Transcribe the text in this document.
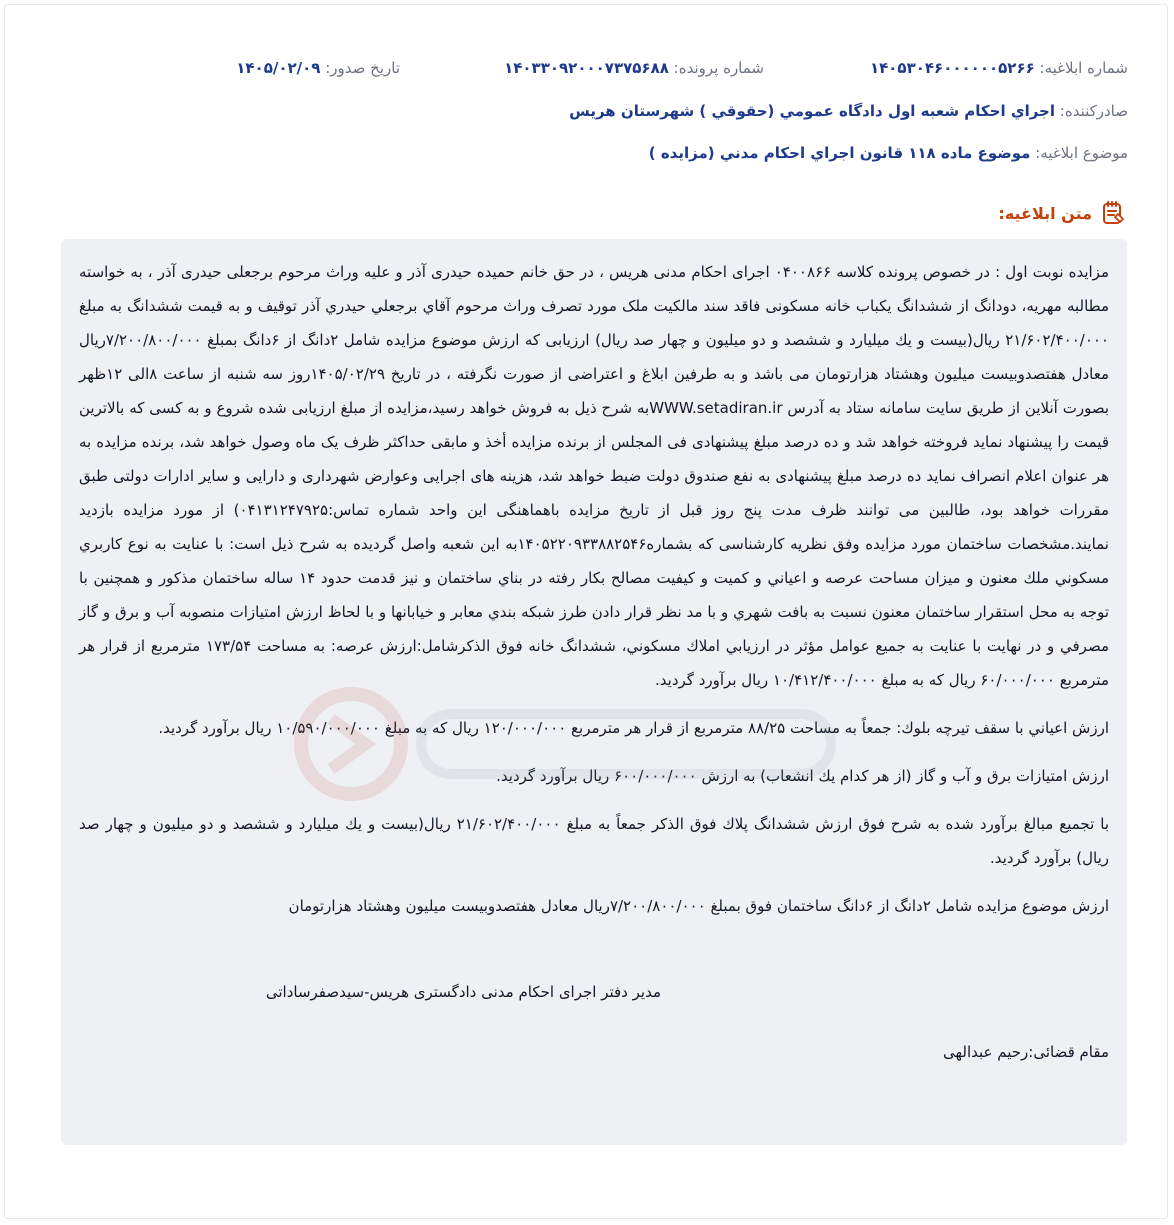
شماره ابلاغیه: ۱۴۰۵۳۰۴۶۰۰۰۰۰۰۵۲۶۶
شماره پرونده: ۱۴۰۳۳۰۹۲۰۰۰۷۳۷۵۶۸۸
تاریخ صدور: ۱۴۰۵/۰۲/۰۹
صادرکننده: اجراي احكام شعبه اول دادگاه عمومي (حقوقي ) شهرستان هريس
موضوع ابلاغیه: موضوع ماده ۱۱۸ قانون اجراي احكام مدني (مزايده )
متن ابلاغیه:

مزایده نوبت اول : در خصوص پرونده کلاسه ۰۴۰۰۸۶۶ اجرای احکام مدنی هریس ، در حق خانم حمیده حیدری آذر و علیه وراث مرحوم برجعلی حیدری آذر ، به خواسته مطالبه مهریه، دودانگ از ششدانگ یکباب خانه مسکونی فاقد سند مالکیت ملک مورد تصرف وراث مرحوم آقاي برجعلي حيدري آذر توقيف و به قيمت ششدانگ به مبلغ ۲۱/۶۰۲/۴۰۰/۰۰۰ ريال(بيست و يك ميليارد و ششصد و دو ميليون و چهار صد ريال) ارزيابی که ارزش موضوع مزایده شامل ۲دانگ از ۶دانگ بمبلغ ۷/۲۰۰/۸۰۰/۰۰۰ريال معادل هفتصدوبیست میلیون وهشتاد هزارتومان می باشد و به طرفین ابلاغ و اعتراضی از صورت نگرفته ، در تاریخ ۱۴۰۵/۰۲/۲۹روز سه شنبه از ساعت ۸الی ۱۲ظهر بصورت آنلاین از طریق سایت سامانه ستاد به آدرس WWW.setadiran.irبه شرح ذیل به فروش خواهد رسید،مزایده از مبلغ ارزیابی شده شروع و به کسی که بالاترین قیمت را پیشنهاد نماید فروخته خواهد شد و ده درصد مبلغ پیشنهادی فی المجلس از برنده مزایده أخذ و مابقی حداکثر ظرف یک ماه وصول خواهد شد، برنده مزایده به هر عنوان اعلام انصراف نماید ده درصد مبلغ پیشنهادی به نفع صندوق دولت ضبط خواهد شد، هزینه های اجرایی وعوارض شهرداری و دارایی و سایر ادارات دولتی طبق مقررات خواهد بود، طالبین می توانند ظرف مدت پنج روز قبل از تاریخ مزایده باهماهنگی این واحد شماره تماس:۰۴۱۳۱۲۴۷۹۲۵) از مورد مزایده بازدید نمایند.مشخصات ساختمان مورد مزایده وفق نظریه کارشناسی که بشماره۱۴۰۵۲۲۰۹۳۳۸۸۲۵۴۶به این شعبه واصل گردیده به شرح ذیل است: با عنايت به نوع كاربري مسكوني ملك معنون و ميزان مساحت عرصه و اعياني و كميت و كيفيت مصالح بكار رفته در بناي ساختمان و نيز قدمت حدود ۱۴ ساله ساختمان مذكور و همچنين با توجه به محل استقرار ساختمان معنون نسبت به بافت شهري و با مد نظر قرار دادن طرز شبكه بندي معابر و خيابانها و با لحاظ ارزش امتيازات منصوبه آب و برق و گاز مصرفي و در نهايت با عنايت به جميع عوامل مؤثر در ارزيابي املاك مسكوني، ششدانگ خانه فوق الذكرشامل:ارزش عرصه: به مساحت ۱۷۳/۵۴ مترمربع از قرار هر مترمربع ۶۰/۰۰۰/۰۰۰ ريال كه به مبلغ ۱۰/۴۱۲/۴۰۰/۰۰۰ ريال برآورد گرديد.

ارزش اعياني با سقف تيرچه بلوك: جمعاً به مساحت ۸۸/۲۵ مترمربع از قرار هر مترمربع ۱۲۰/۰۰۰/۰۰۰ ريال كه به مبلغ ۱۰/۵۹۰/۰۰۰/۰۰۰ ريال برآورد گرديد.

ارزش امتيازات برق و آب و گاز (از هر كدام يك انشعاب) به ارزش ۶۰۰/۰۰۰/۰۰۰ ريال برآورد گرديد.

با تجميع مبالغ برآورد شده به شرح فوق ارزش ششدانگ پلاك فوق الذكر جمعاً به مبلغ ۲۱/۶۰۲/۴۰۰/۰۰۰ ريال(بيست و يك ميليارد و ششصد و دو ميليون و چهار صد ريال) برآورد گرديد.

ارزش موضوع مزایده شامل ۲دانگ از ۶دانگ ساختمان فوق بمبلغ ۷/۲۰۰/۸۰۰/۰۰۰ريال معادل هفتصدوبیست میلیون وهشتاد هزارتومان

مدیر دفتر اجرای احکام مدنی دادگستری هریس-سیدصفرساداتی
مقام قضائی:رحیم عبدالهی
